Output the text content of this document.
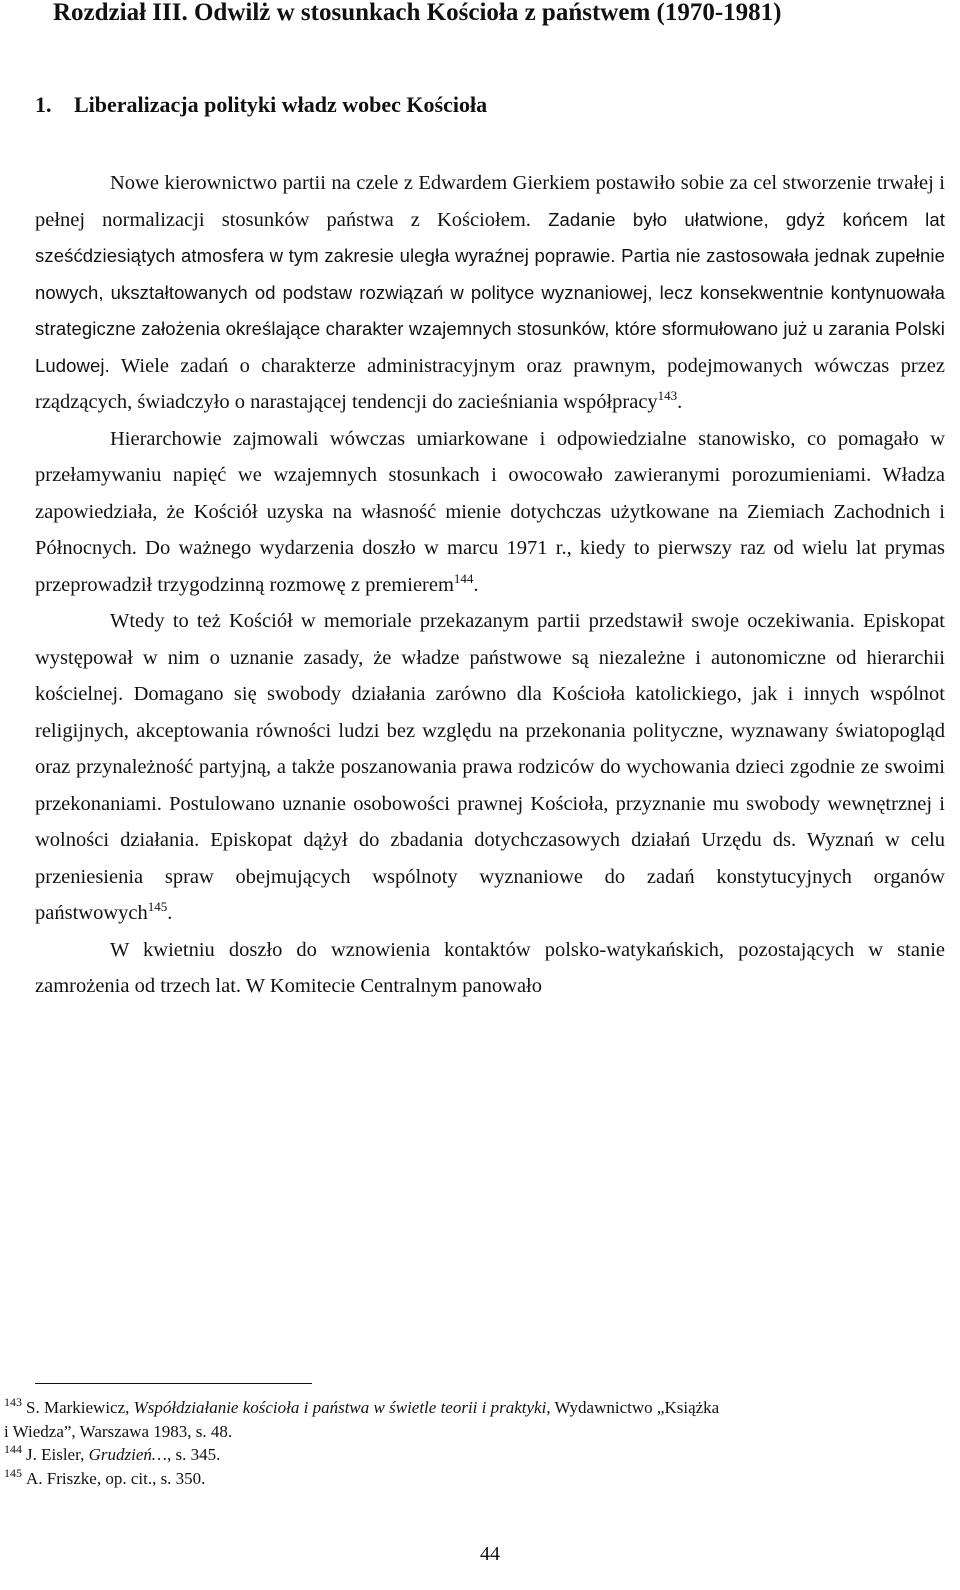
Rozdział III. Odwilż w stosunkach Kościoła z państwem (1970-1981)
1. Liberalizacja polityki władz wobec Kościoła

Nowe kierownictwo partii na czele z Edwardem Gierkiem postawiło sobie za cel stworzenie trwałej i pełnej normalizacji stosunków państwa z Kościołem. Zadanie było ułatwione, gdyż końcem lat sześćdziesiątych atmosfera w tym zakresie uległa wyraźnej poprawie. Partia nie zastosowała jednak zupełnie nowych, ukształtowanych od podstaw rozwiązań w polityce wyznaniowej, lecz konsekwentnie kontynuowała strategiczne założenia określające charakter wzajemnych stosunków, które sformułowano już u zarania Polski Ludowej. Wiele zadań o charakterze administracyjnym oraz prawnym, podejmowanych wówczas przez rządzących, świadczyło o narastającej tendencji do zacieśniania współpracy$^{143}$.

Hierarchowie zajmowali wówczas umiarkowane i odpowiedzialne stanowisko, co pomagało w przełamywaniu napięć we wzajemnych stosunkach i owocowało zawieranymi porozumieniami. Władza zapowiedziała, że Kościół uzyska na własność mienie dotychczas użytkowane na Ziemiach Zachodnich i Północnych. Do ważnego wydarzenia doszło w marcu 1971 r., kiedy to pierwszy raz od wielu lat prymas przeprowadził trzygodzinną rozmowę z premierem$^{144}$.

Wtedy to też Kościół w memoriale przekazanym partii przedstawił swoje oczekiwania. Episkopat występował w nim o uznanie zasady, że władze państwowe są niezależne i autonomiczne od hierarchii kościelnej. Domagano się swobody działania zarówno dla Kościoła katolickiego, jak i innych wspólnot religijnych, akceptowania równości ludzi bez względu na przekonania polityczne, wyznawany światopogląd oraz przynależność partyjną, a także poszanowania prawa rodziców do wychowania dzieci zgodnie ze swoimi przekonaniami. Postulowano uznanie osobowości prawnej Kościoła, przyznanie mu swobody wewnętrznej i wolności działania. Episkopat dążył do zbadania dotychczasowych działań Urzędu ds. Wyznań w celu przeniesienia spraw obejmujących wspólnoty wyznaniowe do zadań konstytucyjnych organów państwowych$^{145}$.

W kwietniu doszło do wznowienia kontaktów polsko-watykańskich, pozostających w stanie zamrożenia od trzech lat. W Komitecie Centralnym panowało

$^{143}$ S. Markiewicz, Współdziałanie kościoła i państwa w świetle teorii i praktyki, Wydawnictwo „Książka
i Wiedza”, Warszawa 1983, s. 48.

$^{144}$ J. Eisler, Grudzień…, s. 345.

$^{145}$ A. Friszke, op. cit., s. 350.

44
